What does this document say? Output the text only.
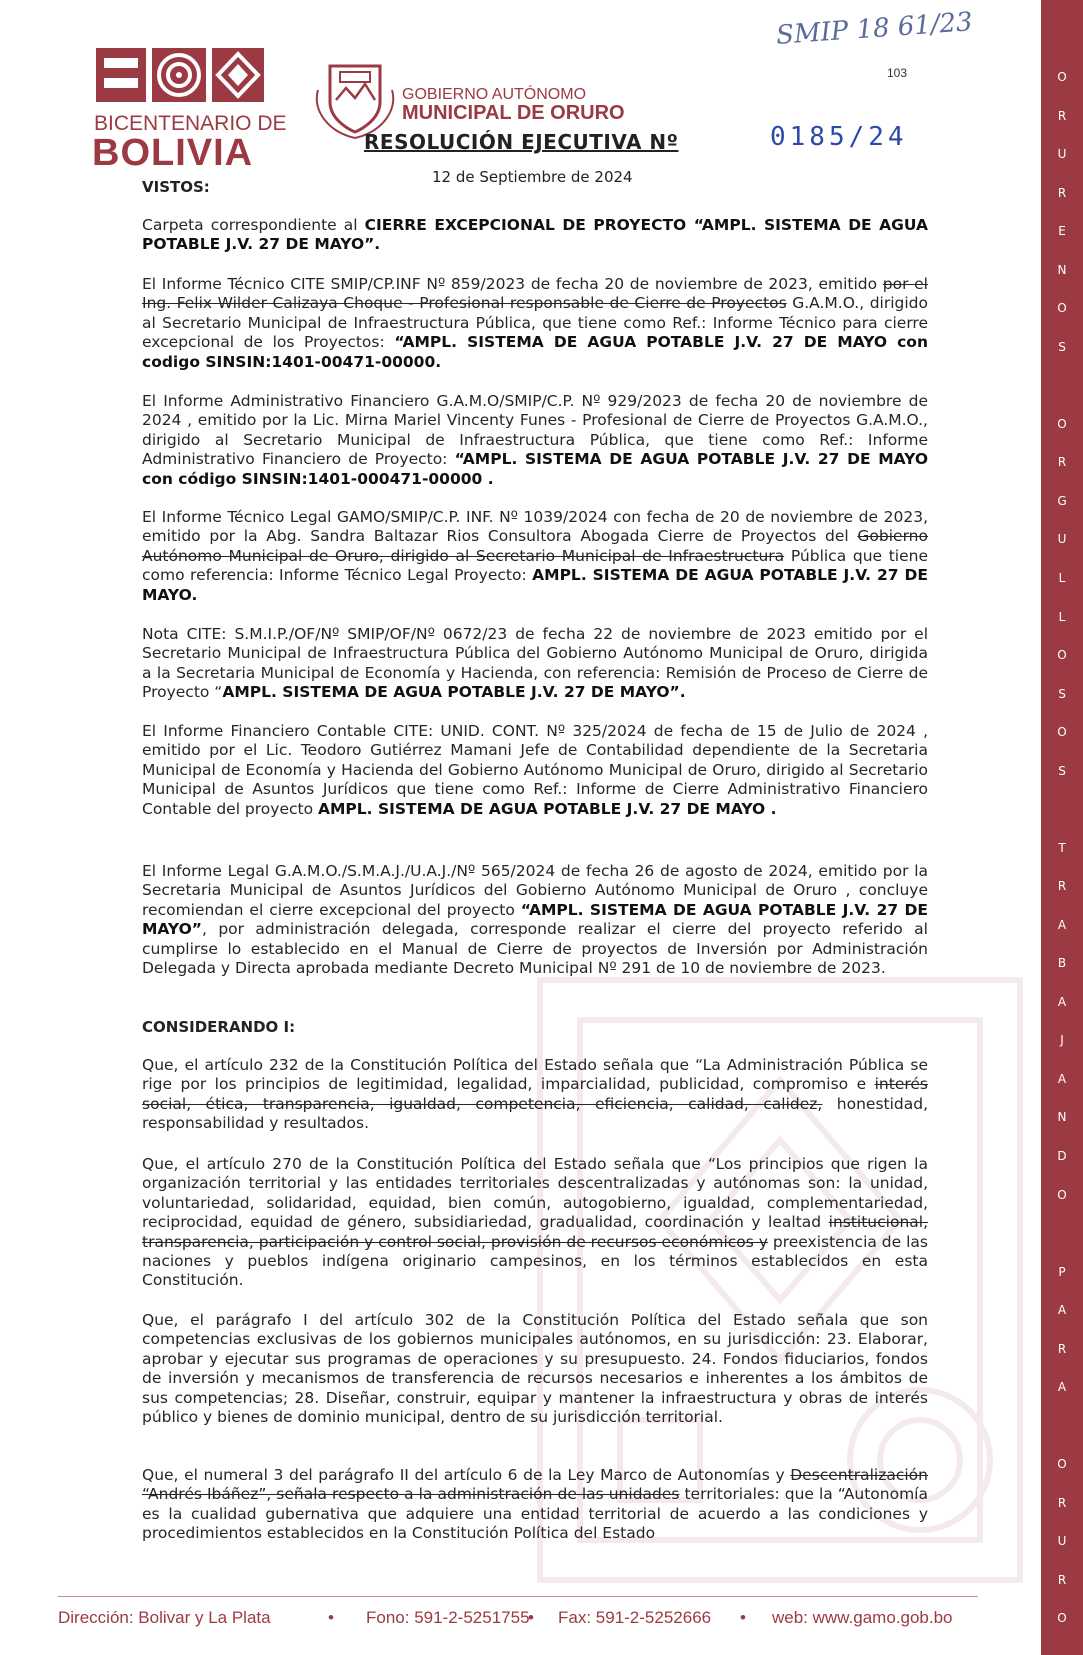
O
R
U
R
E
N
O
S
O
R
G
U
L
L
O
S
O
S
T
R
A
B
A
J
A
N
D
O
P
A
R
A
O
R
U
R
O
BICENTENARIO DE
BOLIVIA
GOBIERNO AUTÓNOMO
MUNICIPAL DE ORURO
SMIP 18 61/23
103
RESOLUCIÓN EJECUTIVA Nº	0185/24
12 de Septiembre de 2024
VISTOS:
Carpeta correspondiente al CIERRE EXCEPCIONAL DE PROYECTO “AMPL. SISTEMA DE AGUA POTABLE J.V. 27 DE MAYO”.
El Informe Técnico CITE SMIP/CP.INF Nº 859/2023 de fecha 20 de noviembre de 2023, emitido por el Ing. Felix Wilder Calizaya Choque - Profesional responsable de Cierre de Proyectos G.A.M.O., dirigido al Secretario Municipal de Infraestructura Pública, que tiene como Ref.: Informe Técnico para cierre excepcional de los Proyectos: “AMPL. SISTEMA DE AGUA POTABLE J.V. 27 DE MAYO con codigo SINSIN:1401-00471-00000.
El Informe Administrativo Financiero G.A.M.O/SMIP/C.P. Nº 929/2023 de fecha 20 de noviembre de 2024 , emitido por la Lic. Mirna Mariel Vincenty Funes - Profesional de Cierre de Proyectos G.A.M.O., dirigido al Secretario Municipal de Infraestructura Pública, que tiene como Ref.: Informe Administrativo Financiero de Proyecto: “AMPL. SISTEMA DE AGUA POTABLE J.V. 27 DE MAYO con código SINSIN:1401-000471-00000 .
El Informe Técnico Legal GAMO/SMIP/C.P. INF. Nº 1039/2024 con fecha de 20 de noviembre de 2023, emitido por la Abg. Sandra Baltazar Rios Consultora Abogada Cierre de Proyectos del Gobierno Autónomo Municipal de Oruro, dirigido al Secretario Municipal de Infraestructura Pública que tiene como referencia: Informe Técnico Legal Proyecto: AMPL. SISTEMA DE AGUA POTABLE J.V. 27 DE MAYO.
Nota CITE: S.M.I.P./OF/Nº SMIP/OF/Nº 0672/23 de fecha 22 de noviembre de 2023 emitido por el Secretario Municipal de Infraestructura Pública del Gobierno Autónomo Municipal de Oruro, dirigida a la Secretaria Municipal de Economía y Hacienda, con referencia: Remisión de Proceso de Cierre de Proyecto “AMPL. SISTEMA DE AGUA POTABLE J.V. 27 DE MAYO”.
El Informe Financiero Contable CITE: UNID. CONT. Nº 325/2024 de fecha de 15 de Julio de 2024 , emitido por el Lic. Teodoro Gutiérrez Mamani Jefe de Contabilidad dependiente de la Secretaria Municipal de Economía y Hacienda del Gobierno Autónomo Municipal de Oruro, dirigido al Secretario Municipal de Asuntos Jurídicos que tiene como Ref.: Informe de Cierre Administrativo Financiero Contable del proyecto AMPL. SISTEMA DE AGUA POTABLE J.V. 27 DE MAYO .
El Informe Legal G.A.M.O./S.M.A.J./U.A.J./Nº 565/2024 de fecha 26 de agosto de 2024, emitido por la Secretaria Municipal de Asuntos Jurídicos del Gobierno Autónomo Municipal de Oruro , concluye recomiendan el cierre excepcional del proyecto “AMPL. SISTEMA DE AGUA POTABLE J.V. 27 DE MAYO”, por administración delegada, corresponde realizar el cierre del proyecto referido al cumplirse lo establecido en el Manual de Cierre de proyectos de Inversión por Administración Delegada y Directa aprobada mediante Decreto Municipal Nº 291 de 10 de noviembre de 2023.
CONSIDERANDO I:
Que, el artículo 232 de la Constitución Política del Estado señala que “La Administración Pública se rige por los principios de legitimidad, legalidad, imparcialidad, publicidad, compromiso e interés social, ética, transparencia, igualdad, competencia, eficiencia, calidad, calidez, honestidad, responsabilidad y resultados.
Que, el artículo 270 de la Constitución Política del Estado señala que “Los principios que rigen la organización territorial y las entidades territoriales descentralizadas y autónomas son: la unidad, voluntariedad, solidaridad, equidad, bien común, autogobierno, igualdad, complementariedad, reciprocidad, equidad de género, subsidiariedad, gradualidad, coordinación y lealtad institucional, transparencia, participación y control social, provisión de recursos económicos y preexistencia de las naciones y pueblos indígena originario campesinos, en los términos establecidos en esta Constitución.
Que, el parágrafo I del artículo 302 de la Constitución Política del Estado señala que son competencias exclusivas de los gobiernos municipales autónomos, en su jurisdicción: 23. Elaborar, aprobar y ejecutar sus programas de operaciones y su presupuesto. 24. Fondos fiduciarios, fondos de inversión y mecanismos de transferencia de recursos necesarios e inherentes a los ámbitos de sus competencias; 28. Diseñar, construir, equipar y mantener la infraestructura y obras de interés público y bienes de dominio municipal, dentro de su jurisdicción territorial.
Que, el numeral 3 del parágrafo II del artículo 6 de la Ley Marco de Autonomías y Descentralización “Andrés Ibáñez”, señala respecto a la administración de las unidades territoriales: que la “Autonomía es la cualidad gubernativa que adquiere una entidad territorial de acuerdo a las condiciones y procedimientos establecidos en la Constitución Política del Estado
Dirección: Bolivar y La Plata	• Fono: 591-2-5251755
• Fax: 591-2-5252666 • web: www.gamo.gob.bo
